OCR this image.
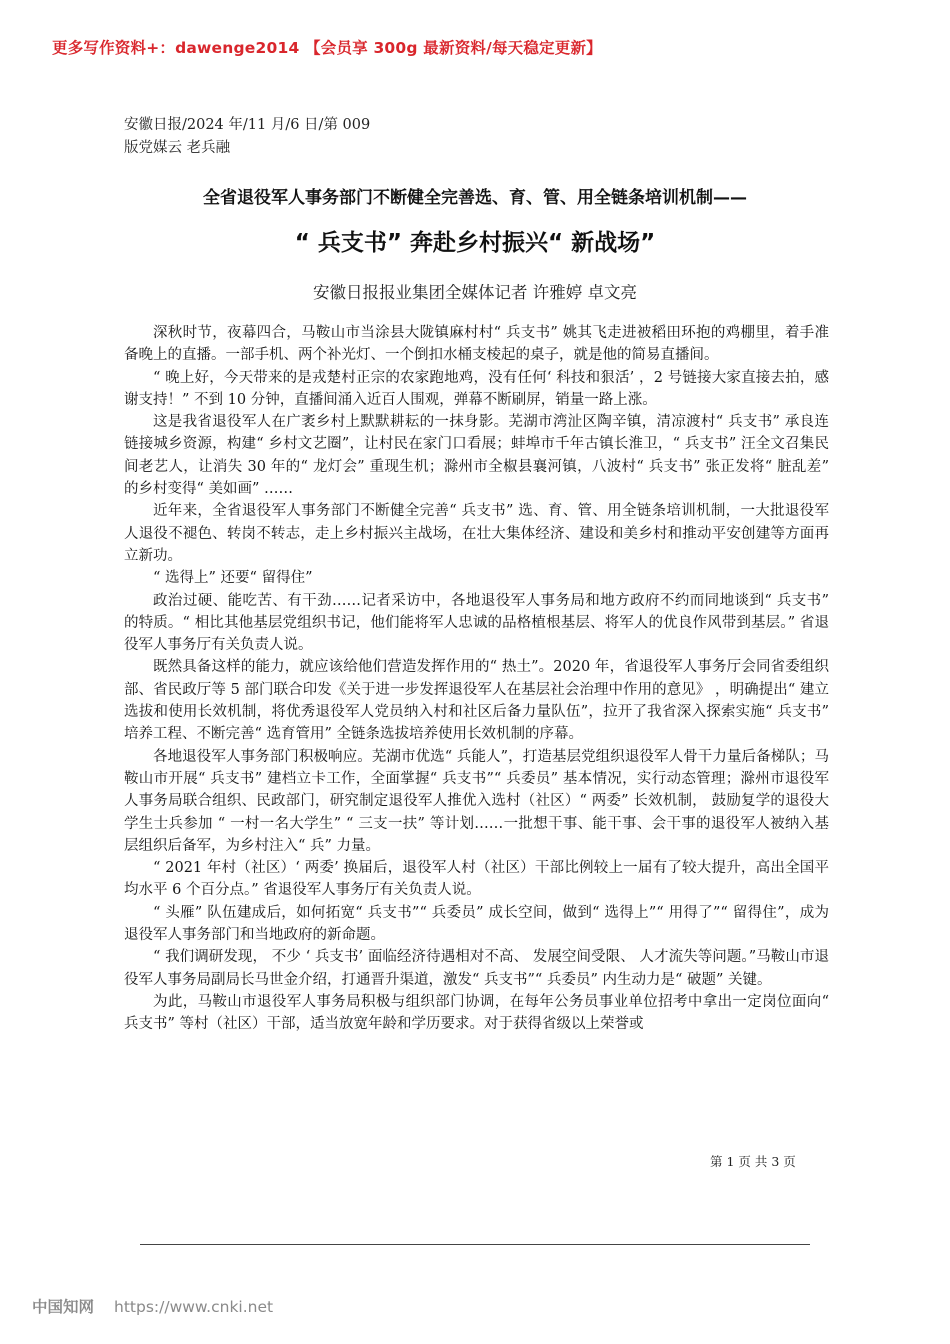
更多写作资料+：dawenge2014 【会员享 300g 最新资料/每天稳定更新】
安徽日报/2024 年/11 月/6 日/第 009
版党媒云 老兵融
全省退役军人事务部门不断健全完善选、育、管、用全链条培训机制——
“ 兵支书” 奔赴乡村振兴“ 新战场”
安徽日报报业集团全媒体记者 许雅婷 卓文亮

深秋时节，夜幕四合，马鞍山市当涂县大陇镇麻村村“ 兵支书” 姚其飞走进被稻田环抱的鸡棚里，着手准备晚上的直播。一部手机、两个补光灯、一个倒扣水桶支棱起的桌子，就是他的简易直播间。

“ 晚上好，今天带来的是戎楚村正宗的农家跑地鸡，没有任何‘ 科技和狠活’ ，2 号链接大家直接去拍，感谢支持！” 不到 10 分钟，直播间涌入近百人围观，弹幕不断刷屏，销量一路上涨。

这是我省退役军人在广袤乡村上默默耕耘的一抹身影。芜湖市湾沚区陶辛镇，清凉渡村“ 兵支书” 承良连链接城乡资源，构建“ 乡村文艺圈”，让村民在家门口看展；蚌埠市千年古镇长淮卫，“ 兵支书” 汪全文召集民间老艺人，让消失 30 年的“ 龙灯会” 重现生机；滁州市全椒县襄河镇，八波村“ 兵支书” 张正发将“ 脏乱差” 的乡村变得“ 美如画” ……

近年来，全省退役军人事务部门不断健全完善“ 兵支书” 选、育、管、用全链条培训机制，一大批退役军人退役不褪色、转岗不转志，走上乡村振兴主战场，在壮大集体经济、建设和美乡村和推动平安创建等方面再立新功。

“ 选得上” 还要“ 留得住”

政治过硬、能吃苦、有干劲……记者采访中，各地退役军人事务局和地方政府不约而同地谈到“ 兵支书” 的特质。“ 相比其他基层党组织书记，他们能将军人忠诚的品格植根基层、将军人的优良作风带到基层。” 省退役军人事务厅有关负责人说。

既然具备这样的能力，就应该给他们营造发挥作用的“ 热土”。2020 年，省退役军人事务厅会同省委组织部、省民政厅等 5 部门联合印发《关于进一步发挥退役军人在基层社会治理中作用的意见》 ，明确提出“ 建立选拔和使用长效机制，将优秀退役军人党员纳入村和社区后备力量队伍”，拉开了我省深入探索实施“ 兵支书” 培养工程、不断完善“ 选育管用” 全链条选拔培养使用长效机制的序幕。

各地退役军人事务部门积极响应。芜湖市优选“ 兵能人”，打造基层党组织退役军人骨干力量后备梯队；马鞍山市开展“ 兵支书” 建档立卡工作，全面掌握“ 兵支书”“ 兵委员” 基本情况，实行动态管理；滁州市退役军人事务局联合组织、民政部门，研究制定退役军人推优入选村（社区）“ 两委” 长效机制， 鼓励复学的退役大学生士兵参加 “ 一村一名大学生” “ 三支一扶” 等计划……一批想干事、能干事、会干事的退役军人被纳入基层组织后备军，为乡村注入“ 兵” 力量。

“ 2021 年村（社区）‘ 两委’ 换届后，退役军人村（社区）干部比例较上一届有了较大提升，高出全国平均水平 6 个百分点。” 省退役军人事务厅有关负责人说。

“ 头雁” 队伍建成后，如何拓宽“ 兵支书”“ 兵委员” 成长空间，做到“ 选得上”“ 用得了”“ 留得住”，成为退役军人事务部门和当地政府的新命题。

“ 我们调研发现， 不少 ‘ 兵支书’ 面临经济待遇相对不高、 发展空间受限、 人才流失等问题。”马鞍山市退役军人事务局副局长马世金介绍，打通晋升渠道，激发“ 兵支书”“ 兵委员” 内生动力是“ 破题” 关键。

为此，马鞍山市退役军人事务局积极与组织部门协调，在每年公务员事业单位招考中拿出一定岗位面向“ 兵支书” 等村（社区）干部，适当放宽年龄和学历要求。对于获得省级以上荣誉或

第 1 页 共 3 页
中国知网 https://www.cnki.net
